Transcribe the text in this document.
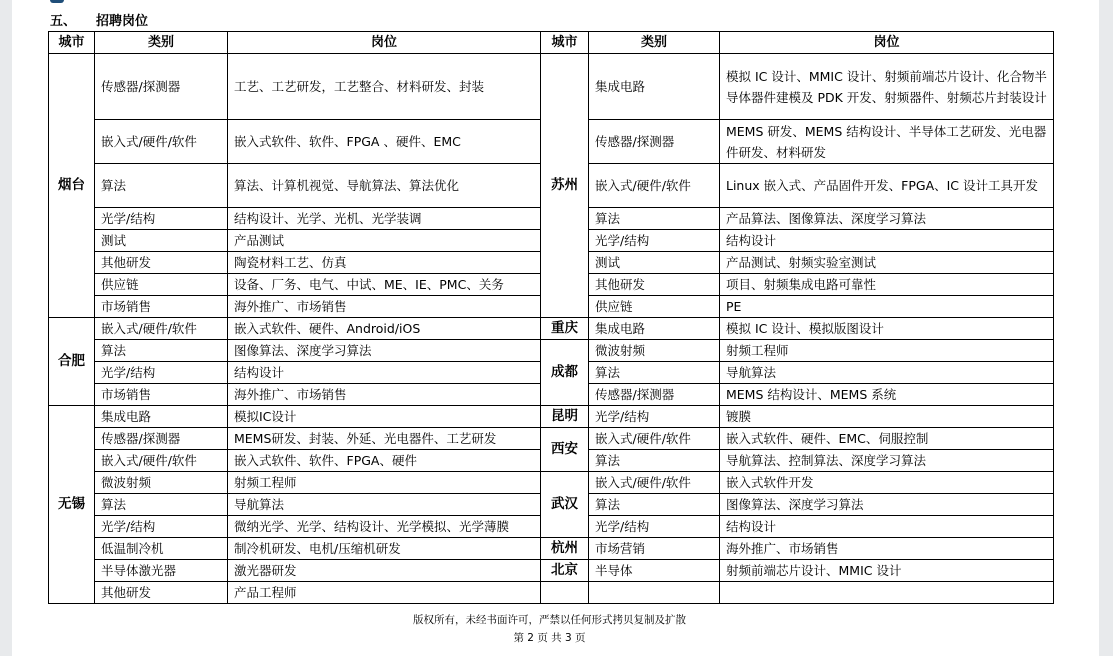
五、 招聘岗位
城市	类别	岗位	城市	类别	岗位
烟台	传感器/探测器	工艺、工艺研发，工艺整合、材料研发、封装	苏州	集成电路	模拟 IC 设计、MMIC 设计、射频前端芯片设计、化合物半导体器件建模及 PDK 开发、射频器件、射频芯片封装设计
	嵌入式/硬件/软件	嵌入式软件、软件、FPGA 、硬件、EMC		传感器/探测器	MEMS 研发、MEMS 结构设计、半导体工艺研发、光电器件研发、材料研发
	算法	算法、计算机视觉、导航算法、算法优化		嵌入式/硬件/软件	Linux 嵌入式、产品固件开发、FPGA、IC 设计工具开发
	光学/结构	结构设计、光学、光机、光学装调		算法	产品算法、图像算法、深度学习算法
	测试	产品测试		光学/结构	结构设计
	其他研发	陶瓷材料工艺、仿真		测试	产品测试、射频实验室测试
	供应链	设备、厂务、电气、中试、ME、IE、PMC、关务		其他研发	项目、射频集成电路可靠性
	市场销售	海外推广、市场销售		供应链	PE
合肥	嵌入式/硬件/软件	嵌入式软件、硬件、Android/iOS	重庆	集成电路	模拟 IC 设计、模拟版图设计
	算法	图像算法、深度学习算法	成都	微波射频	射频工程师
	光学/结构	结构设计		算法	导航算法
	市场销售	海外推广、市场销售		传感器/探测器	MEMS 结构设计、MEMS 系统
无锡	集成电路	模拟IC设计	昆明	光学/结构	镀膜
	传感器/探测器	MEMS研发、封装、外延、光电器件、工艺研发	西安	嵌入式/硬件/软件	嵌入式软件、硬件、EMC、伺服控制
	嵌入式/硬件/软件	嵌入式软件、软件、FPGA、硬件		算法	导航算法、控制算法、深度学习算法
	微波射频	射频工程师	武汉	嵌入式/硬件/软件	嵌入式软件开发
	算法	导航算法		算法	图像算法、深度学习算法
	光学/结构	微纳光学、光学、结构设计、光学模拟、光学薄膜		光学/结构	结构设计
	低温制冷机	制冷机研发、电机/压缩机研发	杭州	市场营销	海外推广、市场销售
	半导体激光器	激光器研发	北京	半导体	射频前端芯片设计、MMIC 设计
	其他研发	产品工程师			
版权所有，未经书面许可，严禁以任何形式拷贝复制及扩散
第 2 页 共 3 页
